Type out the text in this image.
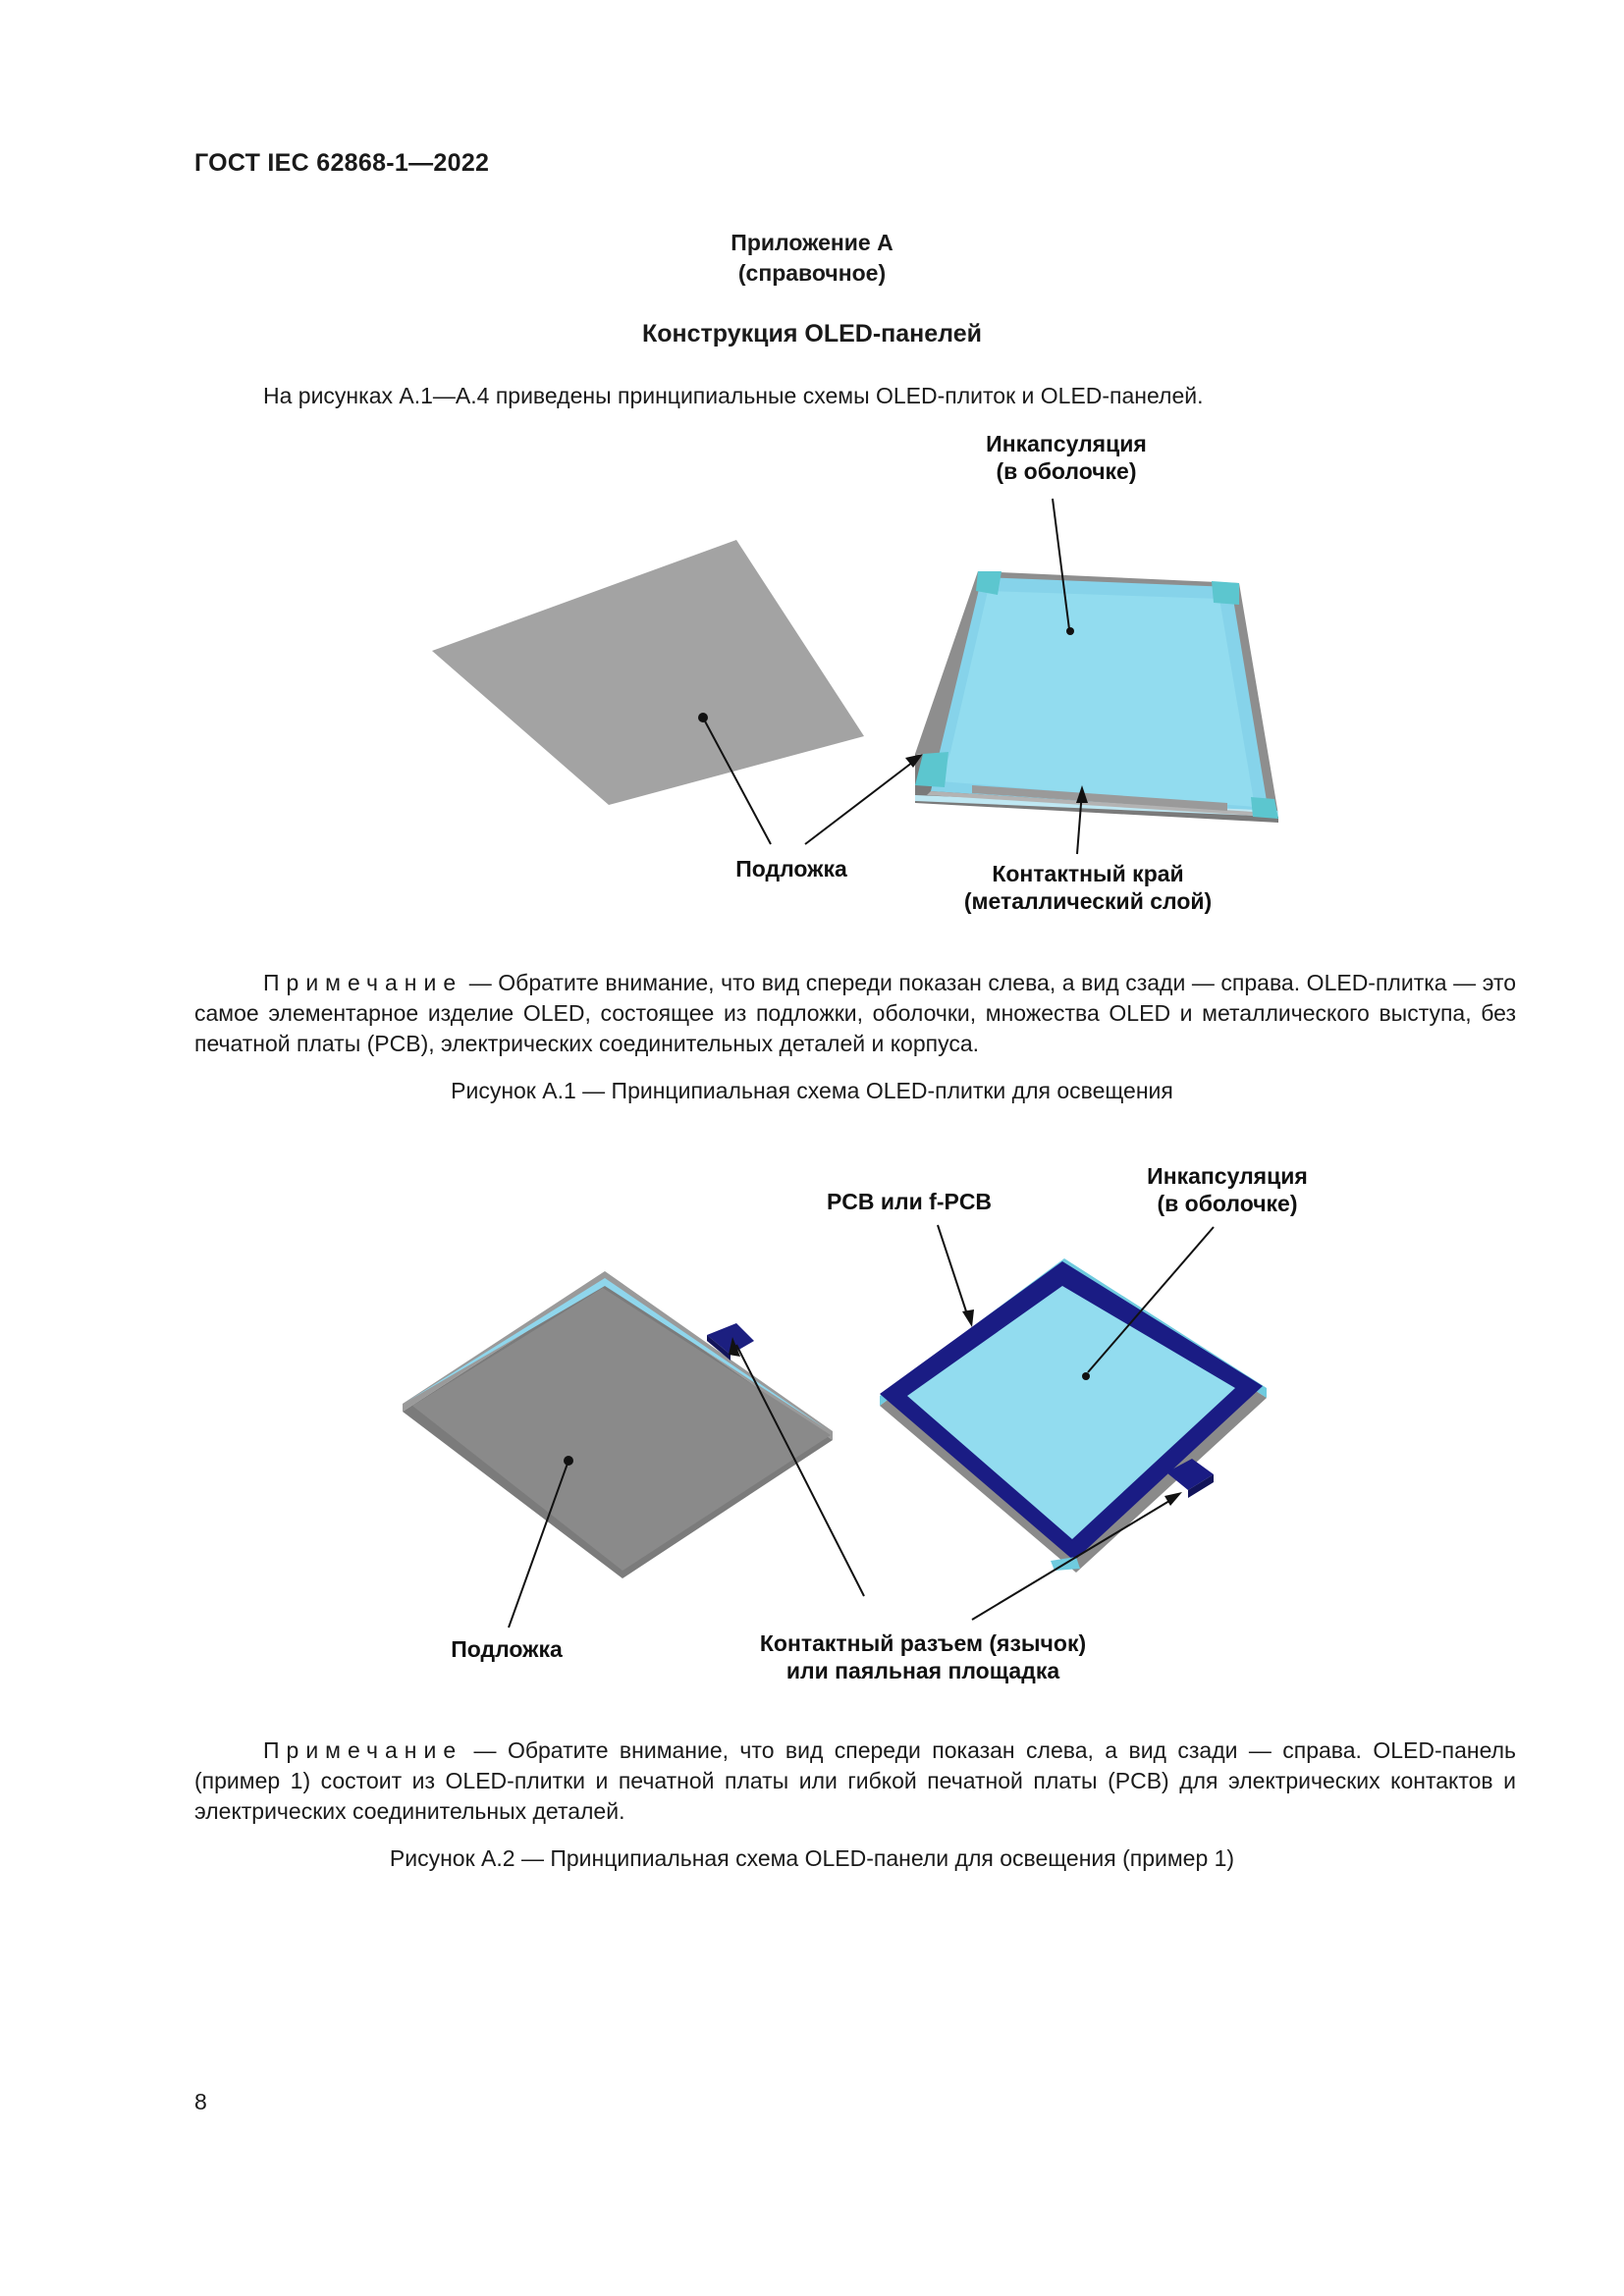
ГОСТ IEC 62868-1—2022
Приложение А
(справочное)
Конструкция OLED-панелей
На рисунках А.1—А.4 приведены принципиальные схемы OLED-плиток и OLED-панелей.
Инкапсуляция
(в оболочке)
Подложка	Контактный край
(металлический слой)
Примечание — Обратите внимание, что вид спереди показан слева, а вид сзади — справа. OLED-плитка — это самое элементарное изделие OLED, состоящее из подложки, оболочки, множества OLED и металлического выступа, без печатной платы (PCB), электрических соединительных деталей и корпуса.
Рисунок А.1 — Принципиальная схема OLED-плитки для освещения
PCB или f-PCB
Инкапсуляция
(в оболочке)
Подложка	Контактный разъем (язычок)
или паяльная площадка
Примечание — Обратите внимание, что вид спереди показан слева, а вид сзади — справа. OLED-панель (пример 1) состоит из OLED-плитки и печатной платы или гибкой печатной платы (PCB) для электрических контактов и электрических соединительных деталей.
Рисунок А.2 — Принципиальная схема OLED-панели для освещения (пример 1)
8
